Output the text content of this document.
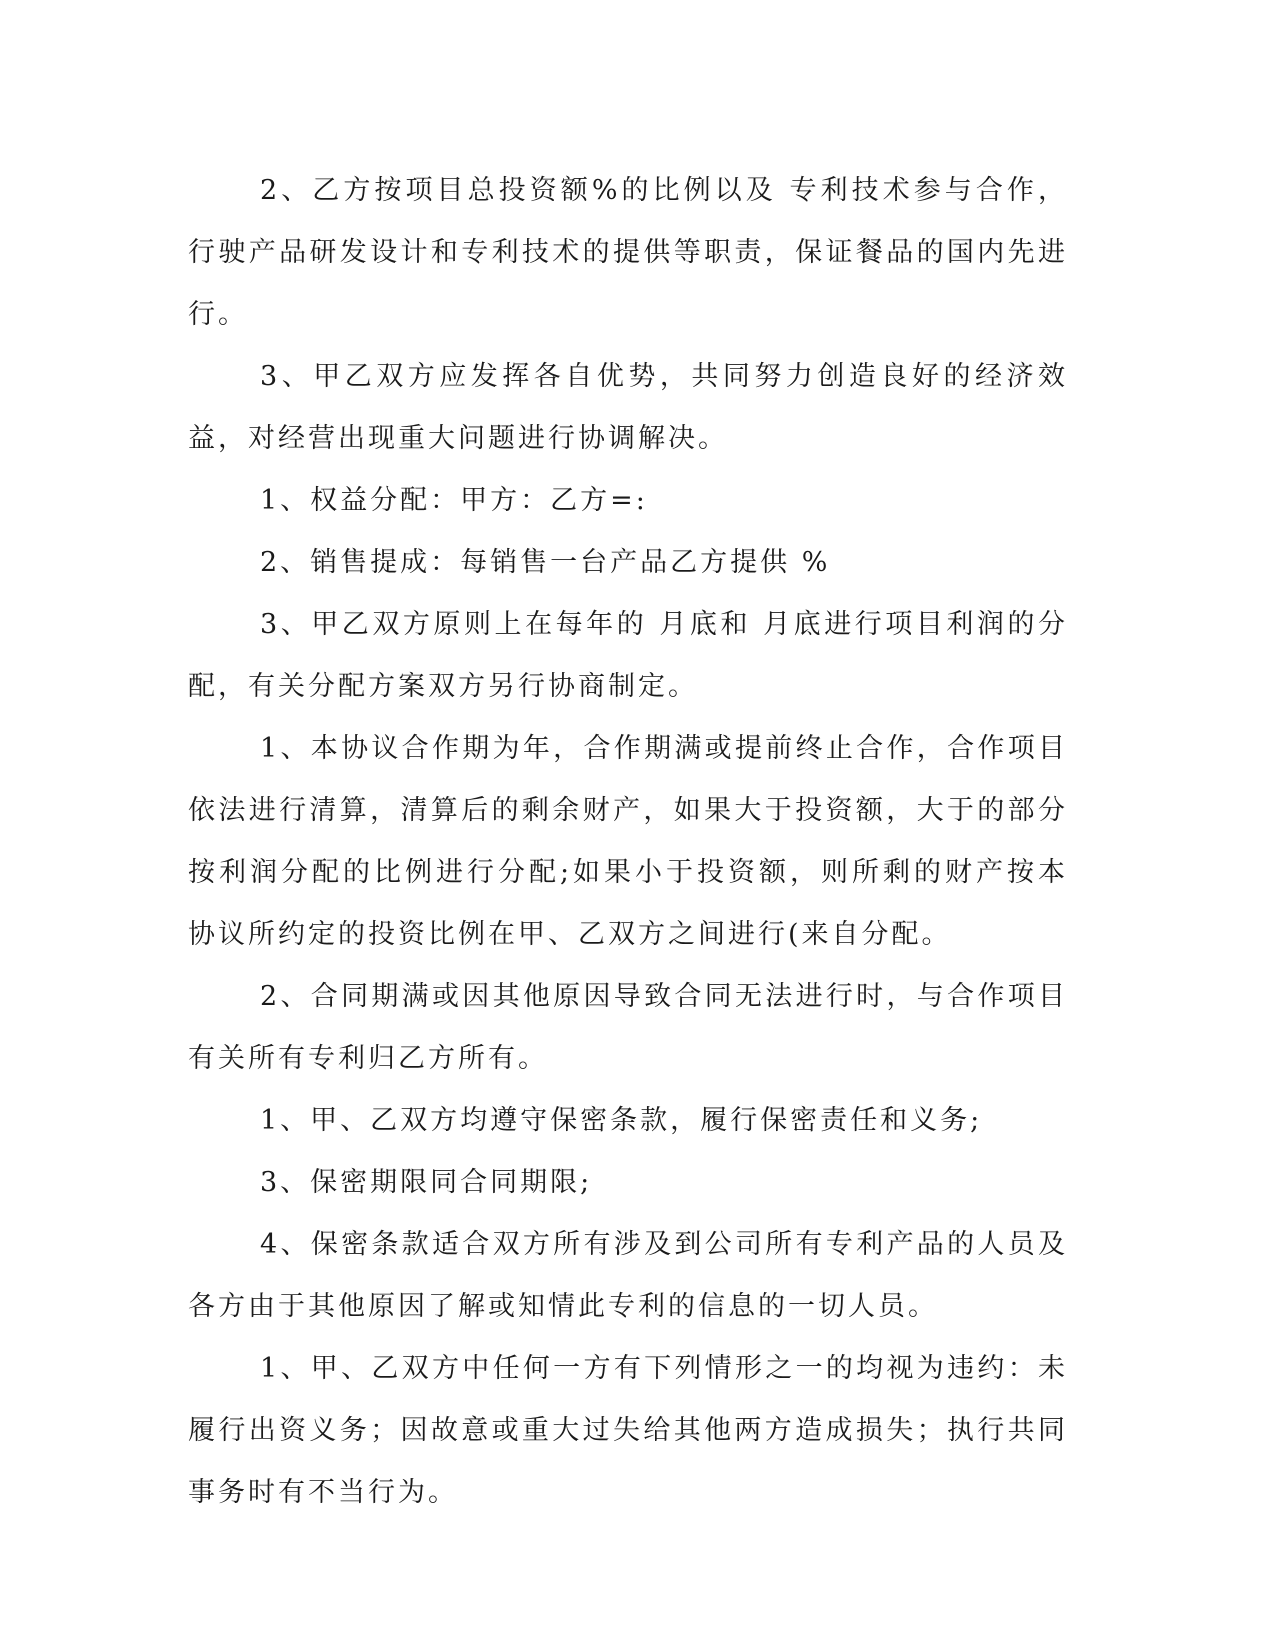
2、乙方按项目总投资额%的比例以及 专利技术参与合作，行驶产品研发设计和专利技术的提供等职责，保证餐品的国内先进行。

3、甲乙双方应发挥各自优势，共同努力创造良好的经济效益，对经营出现重大问题进行协调解决。

1、权益分配：甲方：乙方=:

2、销售提成：每销售一台产品乙方提供 %

3、甲乙双方原则上在每年的 月底和 月底进行项目利润的分配，有关分配方案双方另行协商制定。

1、本协议合作期为年，合作期满或提前终止合作，合作项目依法进行清算，清算后的剩余财产，如果大于投资额，大于的部分按利润分配的比例进行分配;如果小于投资额，则所剩的财产按本协议所约定的投资比例在甲、乙双方之间进行(来自分配。

2、合同期满或因其他原因导致合同无法进行时，与合作项目有关所有专利归乙方所有。

1、甲、乙双方均遵守保密条款，履行保密责任和义务;

3、保密期限同合同期限;

4、保密条款适合双方所有涉及到公司所有专利产品的人员及各方由于其他原因了解或知情此专利的信息的一切人员。

1、甲、乙双方中任何一方有下列情形之一的均视为违约：未履行出资义务；因故意或重大过失给其他两方造成损失；执行共同事务时有不当行为。
